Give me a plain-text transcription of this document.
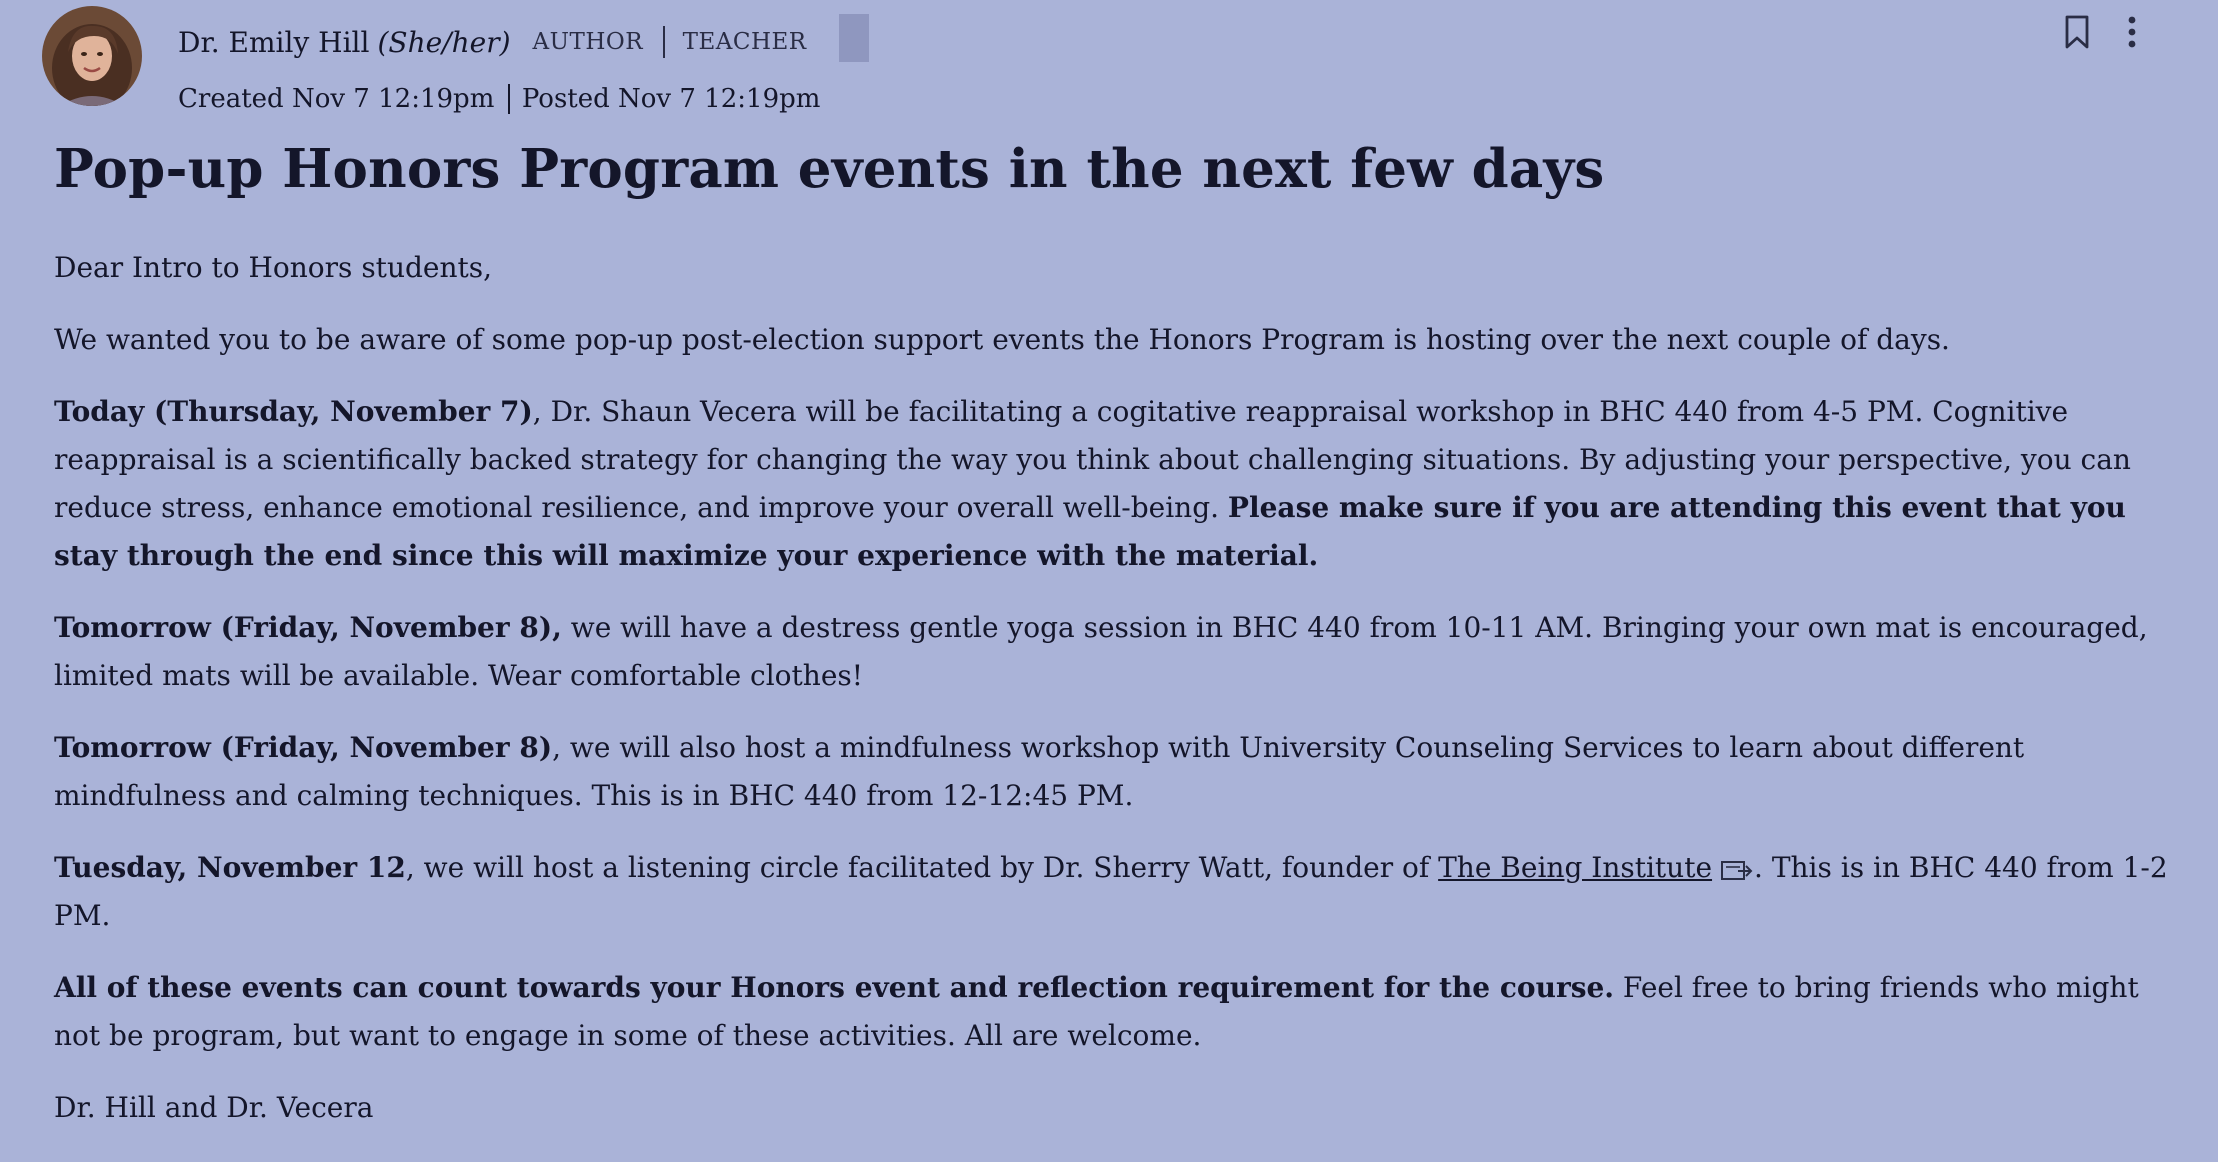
Dr. Emily Hill (She/her) AUTHOR TEACHER
Created Nov 7 12:19pm Posted Nov 7 12:19pm
Pop-up Honors Program events in the next few days

Dear Intro to Honors students,

We wanted you to be aware of some pop-up post-election support events the Honors Program is hosting over the next couple of days.

Today (Thursday, November 7), Dr. Shaun Vecera will be facilitating a cogitative reappraisal workshop in BHC 440 from 4-5 PM. Cognitive reappraisal is a scientifically backed strategy for changing the way you think about challenging situations. By adjusting your perspective, you can reduce stress, enhance emotional resilience, and improve your overall well-being. Please make sure if you are attending this event that you stay through the end since this will maximize your experience with the material.

Tomorrow (Friday, November 8), we will have a destress gentle yoga session in BHC 440 from 10-11 AM. Bringing your own mat is encouraged, limited mats will be available. Wear comfortable clothes!

Tomorrow (Friday, November 8), we will also host a mindfulness workshop with University Counseling Services to learn about different mindfulness and calming techniques. This is in BHC 440 from 12-12:45 PM.

Tuesday, November 12, we will host a listening circle facilitated by Dr. Sherry Watt, founder of The Being Institute . This is in BHC 440 from 1-2 PM.

All of these events can count towards your Honors event and reflection requirement for the course. Feel free to bring friends who might not be program, but want to engage in some of these activities. All are welcome.

Dr. Hill and Dr. Vecera
